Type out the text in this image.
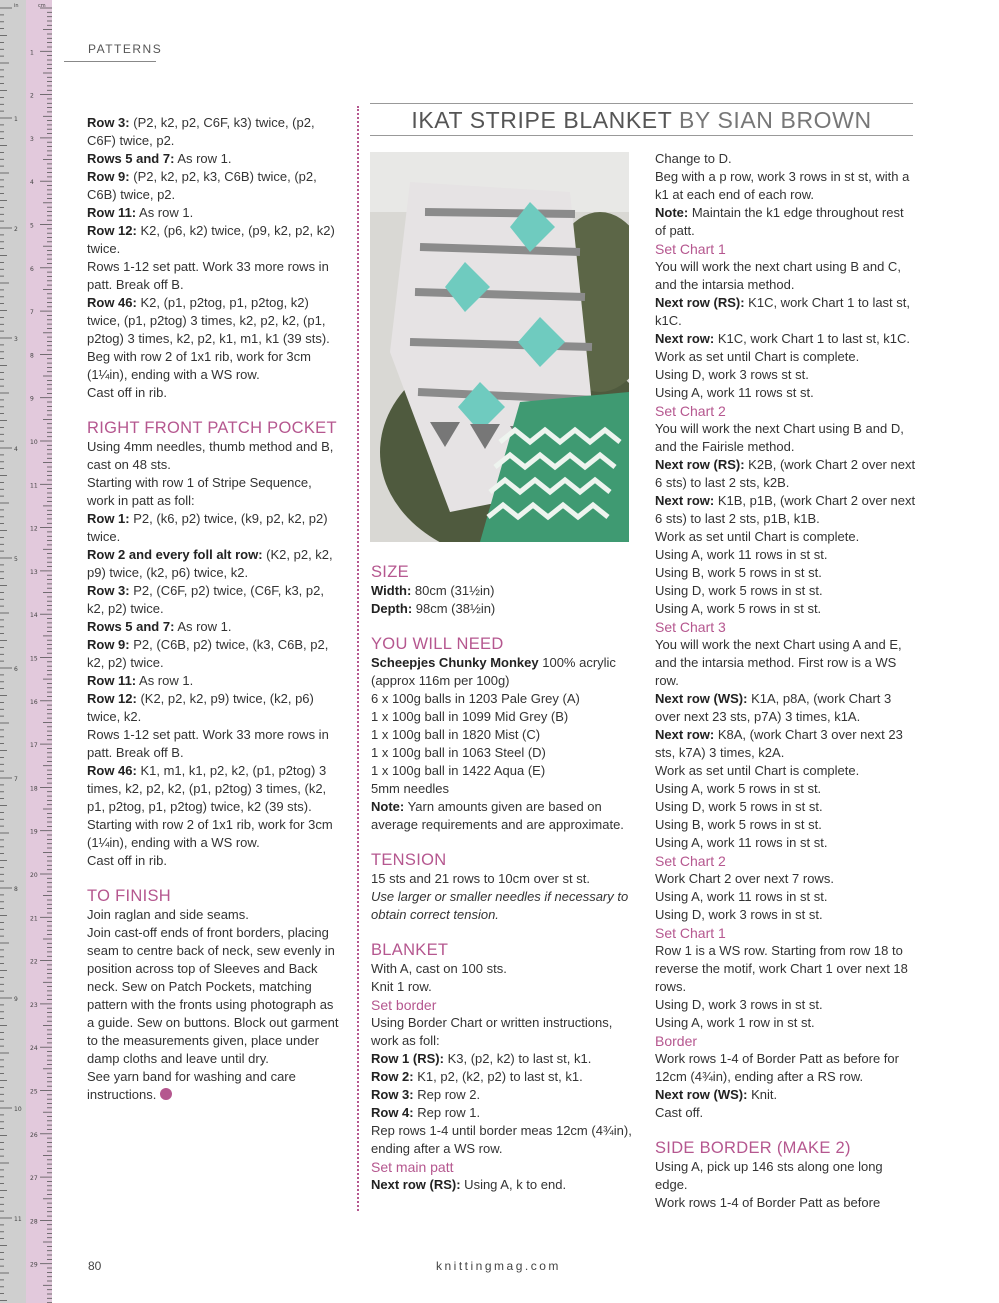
1
2
3
4
5
6
7
8
9
10
11
12
13
14
15
16
17
18
19
20
21
22
23
24
25
26
27
28
29
1
2
3
4
5
6
7
8
9
10
11
cm
in
PATTERNS
IKAT STRIPE BLANKET BY SIAN BROWN

Row 3: (P2, k2, p2, C6F, k3) twice, (p2, C6F) twice, p2.

Rows 5 and 7: As row 1.

Row 9: (P2, k2, p2, k3, C6B) twice, (p2, C6B) twice, p2.

Row 11: As row 1.

Row 12: K2, (p6, k2) twice, (p9, k2, p2, k2) twice.

Rows 1-12 set patt. Work 33 more rows in patt. Break off B.

Row 46: K2, (p1, p2tog, p1, p2tog, k2) twice, (p1, p2tog) 3 times, k2, p2, k2, (p1, p2tog) 3 times, k2, p2, k1, m1, k1 (39 sts).

Beg with row 2 of 1x1 rib, work for 3cm (1¼in), ending with a WS row.

Cast off in rib.

RIGHT FRONT PATCH POCKET

Using 4mm needles, thumb method and B, cast on 48 sts.

Starting with row 1 of Stripe Sequence, work in patt as foll:

Row 1: P2, (k6, p2) twice, (k9, p2, k2, p2) twice.

Row 2 and every foll alt row: (K2, p2, k2, p9) twice, (k2, p6) twice, k2.

Row 3: P2, (C6F, p2) twice, (C6F, k3, p2, k2, p2) twice.

Rows 5 and 7: As row 1.

Row 9: P2, (C6B, p2) twice, (k3, C6B, p2, k2, p2) twice.

Row 11: As row 1.

Row 12: (K2, p2, k2, p9) twice, (k2, p6) twice, k2.

Rows 1-12 set patt. Work 33 more rows in patt. Break off B.

Row 46: K1, m1, k1, p2, k2, (p1, p2tog) 3 times, k2, p2, k2, (p1, p2tog) 3 times, (k2, p1, p2tog, p1, p2tog) twice, k2 (39 sts).

Starting with row 2 of 1x1 rib, work for 3cm (1¼in), ending with a WS row.

Cast off in rib.

TO FINISH

Join raglan and side seams.

Join cast-off ends of front borders, placing seam to centre back of neck, sew evenly in position across top of Sleeves and Back neck. Sew on Patch Pockets, matching pattern with the fronts using photograph as a guide. Sew on buttons. Block out garment to the measurements given, place under damp cloths and leave until dry.

See yarn band for washing and care instructions.

SIZE

Width: 80cm (31½in)

Depth: 98cm (38½in)

YOU WILL NEED

Scheepjes Chunky Monkey 100% acrylic (approx 116m per 100g)

6 x 100g balls in 1203 Pale Grey (A)

1 x 100g ball in 1099 Mid Grey (B)

1 x 100g ball in 1820 Mist (C)

1 x 100g ball in 1063 Steel (D)

1 x 100g ball in 1422 Aqua (E)

5mm needles

Note: Yarn amounts given are based on average requirements and are approximate.

TENSION

15 sts and 21 rows to 10cm over st st.

Use larger or smaller needles if necessary to obtain correct tension.

BLANKET

With A, cast on 100 sts.

Knit 1 row.

Set border

Using Border Chart or written instructions, work as foll:

Row 1 (RS): K3, (p2, k2) to last st, k1.

Row 2: K1, p2, (k2, p2) to last st, k1.

Row 3: Rep row 2.

Row 4: Rep row 1.

Rep rows 1-4 until border meas 12cm (4¾in), ending after a WS row.

Set main patt

Next row (RS): Using A, k to end.

Change to D.

Beg with a p row, work 3 rows in st st, with a k1 at each end of each row.

Note: Maintain the k1 edge throughout rest of patt.

Set Chart 1

You will work the next chart using B and C, and the intarsia method.

Next row (RS): K1C, work Chart 1 to last st, k1C.

Next row: K1C, work Chart 1 to last st, k1C.

Work as set until Chart is complete.

Using D, work 3 rows st st.

Using A, work 11 rows st st.

Set Chart 2

You will work the next Chart using B and D, and the Fairisle method.

Next row (RS): K2B, (work Chart 2 over next 6 sts) to last 2 sts, k2B.

Next row: K1B, p1B, (work Chart 2 over next 6 sts) to last 2 sts, p1B, k1B.

Work as set until Chart is complete.

Using A, work 11 rows in st st.

Using B, work 5 rows in st st.

Using D, work 5 rows in st st.

Using A, work 5 rows in st st.

Set Chart 3

You will work the next Chart using A and E, and the intarsia method. First row is a WS row.

Next row (WS): K1A, p8A, (work Chart 3 over next 23 sts, p7A) 3 times, k1A.

Next row: K8A, (work Chart 3 over next 23 sts, k7A) 3 times, k2A.

Work as set until Chart is complete.

Using A, work 5 rows in st st.

Using D, work 5 rows in st st.

Using B, work 5 rows in st st.

Using A, work 11 rows in st st.

Set Chart 2

Work Chart 2 over next 7 rows.

Using A, work 11 rows in st st.

Using D, work 3 rows in st st.

Set Chart 1

Row 1 is a WS row. Starting from row 18 to reverse the motif, work Chart 1 over next 18 rows.

Using D, work 3 rows in st st.

Using A, work 1 row in st st.

Border

Work rows 1-4 of Border Patt as before for 12cm (4¾in), ending after a RS row.

Next row (WS): Knit.

Cast off.

SIDE BORDER (MAKE 2)

Using A, pick up 146 sts along one long edge.

Work rows 1-4 of Border Patt as before

80	knittingmag.com
